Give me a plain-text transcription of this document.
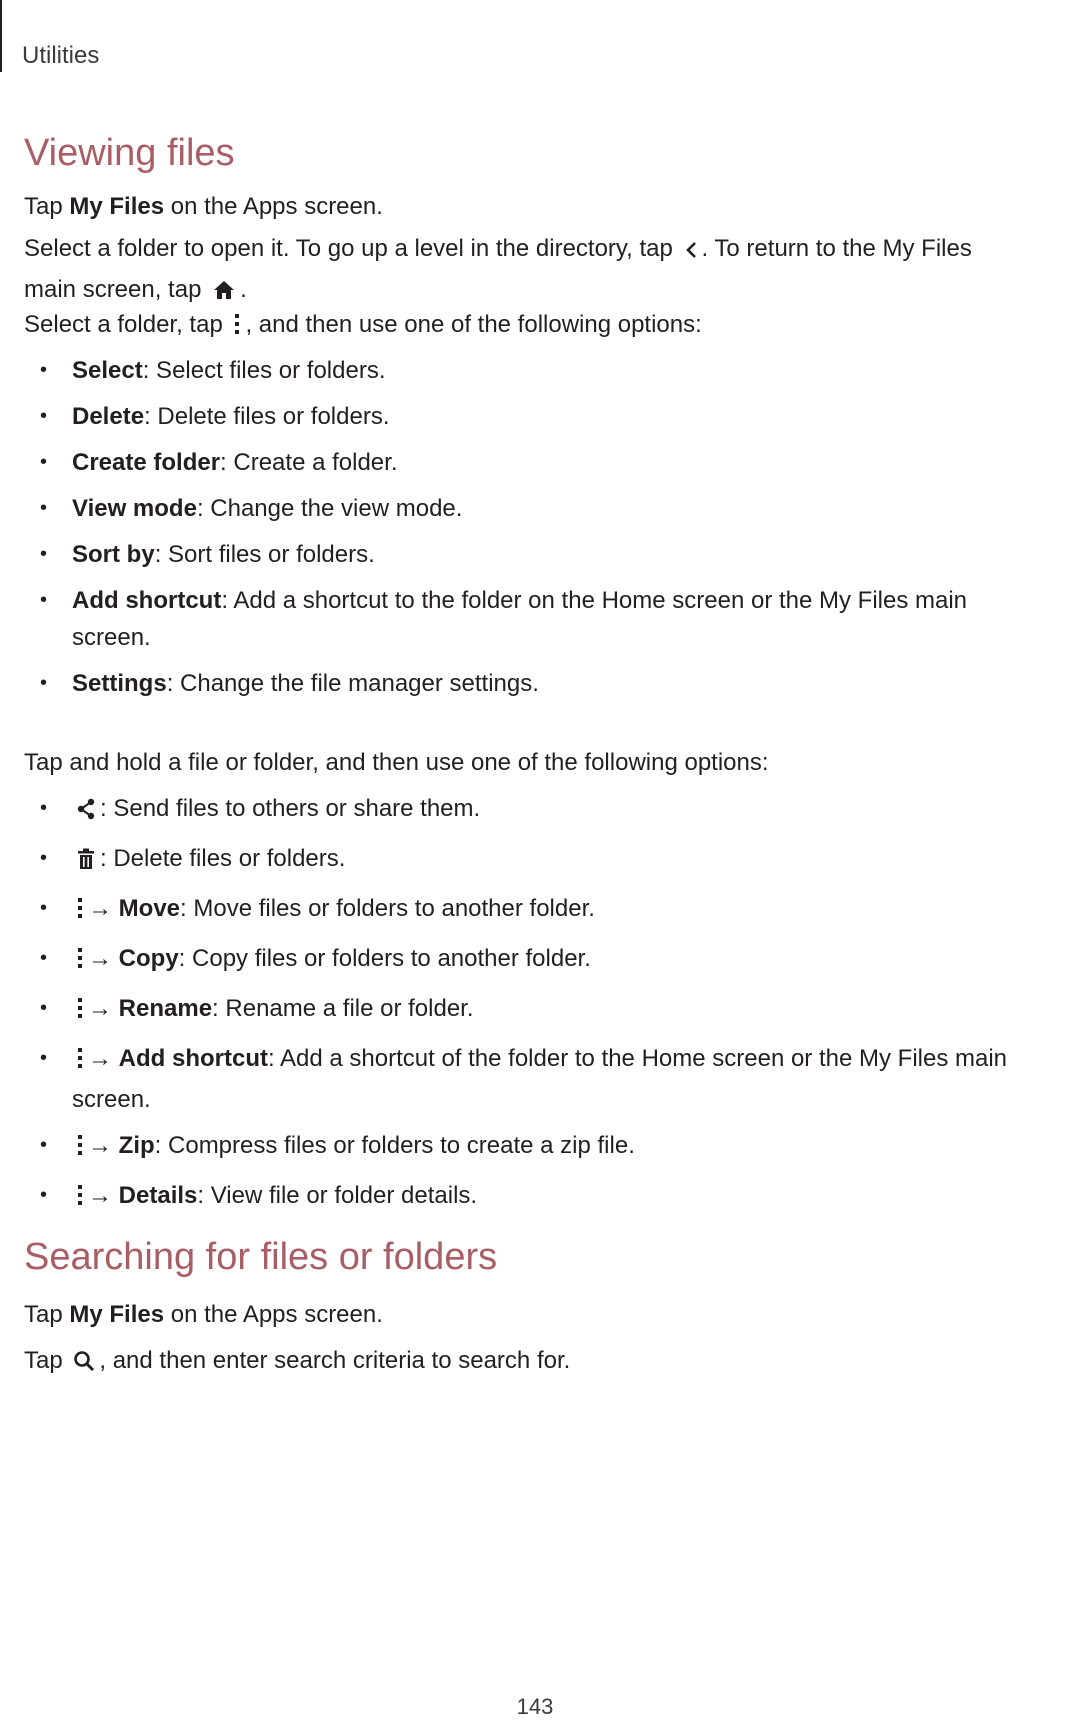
Utilities
Viewing files

Tap My Files on the Apps screen.

Select a folder to open it. To go up a level in the directory, tap . To return to the My Files main screen, tap .

Select a folder, tap , and then use one of the following options:

• Select: Select files or folders.
• Delete: Delete files or folders.
• Create folder: Create a folder.
• View mode: Change the view mode.
• Sort by: Sort files or folders.
• Add shortcut: Add a shortcut to the folder on the Home screen or the My Files main screen.
• Settings: Change the file manager settings.

Tap and hold a file or folder, and then use one of the following options:

• : Send files to others or share them.
• : Delete files or folders.
• → Move: Move files or folders to another folder.
• → Copy: Copy files or folders to another folder.
• → Rename: Rename a file or folder.
• → Add shortcut: Add a shortcut of the folder to the Home screen or the My Files main screen.
• → Zip: Compress files or folders to create a zip file.
• → Details: View file or folder details.
Searching for files or folders

Tap My Files on the Apps screen.

Tap , and then enter search criteria to search for.

143
